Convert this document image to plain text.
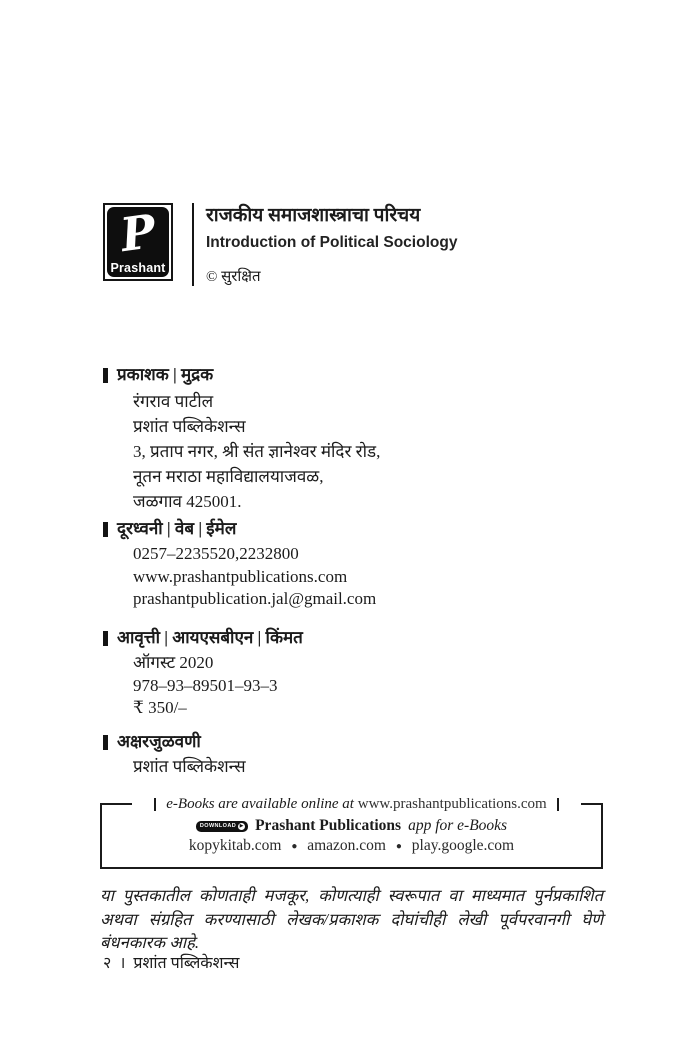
P
Prashant
राजकीय समाजशास्त्राचा परिचय
Introduction of Political Sociology
© सुरक्षित
प्रकाशक | मुद्रक
रंगराव पाटील
प्रशांत पब्लिकेशन्स
3, प्रताप नगर, श्री संत ज्ञानेश्वर मंदिर रोड,
नूतन मराठा महाविद्यालयाजवळ,
जळगाव 425001.
दूरध्वनी | वेब | ईमेल
0257–2235520,2232800
www.prashantpublications.com
prashantpublication.jal@gmail.com
आवृत्ती | आयएसबीएन | किंमत
ऑगस्ट 2020
978–93–89501–93–3
₹ 350/–
अक्षरजुळवणी
प्रशांत पब्लिकेशन्स
e-Books are available online at www.prashantpublications.com
DOWNLOAD ▶ Prashant Publications app for e-Books
kopykitab.com ● amazon.com ● play.google.com
या पुस्तकातील कोणताही मजकूर, कोणत्याही स्वरूपात वा माध्यमात पुर्नप्रकाशित अथवा संग्रहित करण्यासाठी लेखक/प्रकाशक दोघांचीही लेखी पूर्वपरवानगी घेणे बंधनकारक आहे.
२ । प्रशांत पब्लिकेशन्स
